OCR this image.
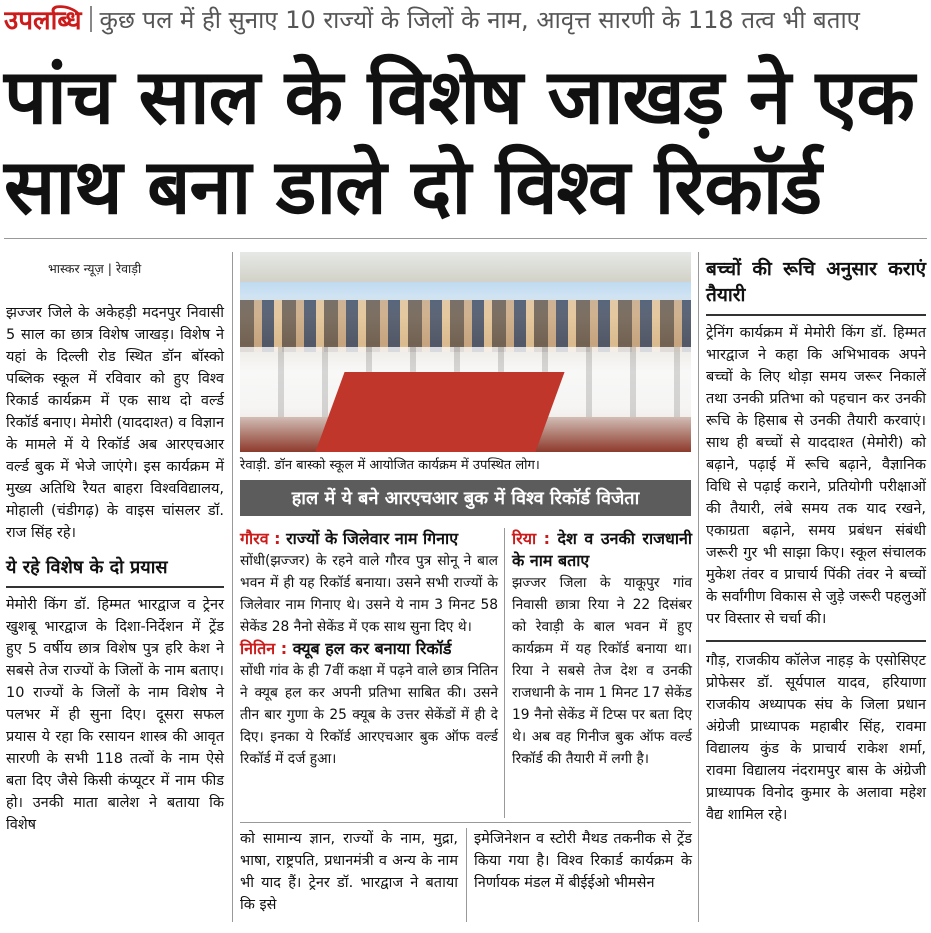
उपलब्धि कुछ पल में ही सुनाए 10 राज्यों के जिलों के नाम, आवृत्त सारणी के 118 तत्व भी बताए
पांच साल के विशेष जाखड़ ने एक
साथ बना डाले दो विश्व रिकॉर्ड
भास्कर न्यूज़ | रेवाड़ी

झज्जर जिले के अकेहड़ी मदनपुर निवासी 5 साल का छात्र विशेष जाखड़। विशेष ने यहां के दिल्ली रोड स्थित डॉन बॉस्को पब्लिक स्कूल में रविवार को हुए विश्व रिकार्ड कार्यक्रम में एक साथ दो वर्ल्ड रिकॉर्ड बनाए। मेमोरी (याददाश्त) व विज्ञान के मामले में ये रिकॉर्ड अब आरएचआर वर्ल्ड बुक में भेजे जाएंगे। इस कार्यक्रम में मुख्य अतिथि रैयत बाहरा विश्वविद्यालय, मोहाली (चंडीगढ़) के वाइस चांसलर डॉ. राज सिंह रहे।

ये रहे विशेष के दो प्रयास

मेमोरी किंग डॉ. हिम्मत भारद्वाज व ट्रेनर खुशबू भारद्वाज के दिशा-निर्देशन में ट्रेंड हुए 5 वर्षीय छात्र विशेष पुत्र हरि केश ने सबसे तेज राज्यों के जिलों के नाम बताए। 10 राज्यों के जिलों के नाम विशेष ने पलभर में ही सुना दिए। दूसरा सफल प्रयास ये रहा कि रसायन शास्त्र की आवृत सारणी के सभी 118 तत्वों के नाम ऐसे बता दिए जैसे किसी कंप्यूटर में नाम फीड हो। उनकी माता बालेश ने बताया कि विशेष

रेवाड़ी. डॉन बास्को स्कूल में आयोजित कार्यक्रम में उपस्थित लोग।
हाल में ये बने आरएचआर बुक में विश्व रिकॉर्ड विजेता
गौरव : राज्यों के जिलेवार नाम गिनाए

सोंधी(झज्जर) के रहने वाले गौरव पुत्र सोनू ने बाल भवन में ही यह रिकॉर्ड बनाया। उसने सभी राज्यों के जिलेवार नाम गिनाए थे। उसने ये नाम 3 मिनट 58 सेकेंड 28 नैनो सेकेंड में एक साथ सुना दिए थे।

नितिन : क्यूब हल कर बनाया रिकॉर्ड

सोंधी गांव के ही 7वीं कक्षा में पढ़ने वाले छात्र नितिन ने क्यूब हल कर अपनी प्रतिभा साबित की। उसने तीन बार गुणा के 25 क्यूब के उत्तर सेकेंडों में ही दे दिए। इनका ये रिकॉर्ड आरएचआर बुक ऑफ वर्ल्ड रिकॉर्ड में दर्ज हुआ।

रिया : देश व उनकी राजधानी के नाम बताए

झज्जर जिला के याकूपुर गांव निवासी छात्रा रिया ने 22 दिसंबर को रेवाड़ी के बाल भवन में हुए कार्यक्रम में यह रिकॉर्ड बनाया था। रिया ने सबसे तेज देश व उनकी राजधानी के नाम 1 मिनट 17 सेकेंड 19 नैनो सेकेंड में टिप्स पर बता दिए थे। अब वह गिनीज बुक ऑफ वर्ल्ड रिकॉर्ड की तैयारी में लगी है।

को सामान्य ज्ञान, राज्यों के नाम, मुद्रा, भाषा, राष्ट्रपति, प्रधानमंत्री व अन्य के नाम भी याद हैं। ट्रेनर डॉ. भारद्वाज ने बताया कि इसे

इमेजिनेशन व स्टोरी मैथड तकनीक से ट्रेंड किया गया है। विश्व रिकार्ड कार्यक्रम के निर्णायक मंडल में बीईईओ भीमसेन

बच्चों की रूचि अनुसार कराएं तैयारी

ट्रेनिंग कार्यक्रम में मेमोरी किंग डॉ. हिम्मत भारद्वाज ने कहा कि अभिभावक अपने बच्चों के लिए थोड़ा समय जरूर निकालें तथा उनकी प्रतिभा को पहचान कर उनकी रूचि के हिसाब से उनकी तैयारी करवाएं। साथ ही बच्चों से याददाश्त (मेमोरी) को बढ़ाने, पढ़ाई में रूचि बढ़ाने, वैज्ञानिक विधि से पढ़ाई कराने, प्रतियोगी परीक्षाओं की तैयारी, लंबे समय तक याद रखने, एकाग्रता बढ़ाने, समय प्रबंधन संबंधी जरूरी गुर भी साझा किए। स्कूल संचालक मुकेश तंवर व प्राचार्य पिंकी तंवर ने बच्चों के सर्वांगीण विकास से जुड़े जरूरी पहलुओं पर विस्तार से चर्चा की।

गौड़, राजकीय कॉलेज नाहड़ के एसोसिएट प्रोफेसर डॉ. सूर्यपाल यादव, हरियाणा राजकीय अध्यापक संघ के जिला प्रधान अंग्रेजी प्राध्यापक महाबीर सिंह, रावमा विद्यालय कुंड के प्राचार्य राकेश शर्मा, रावमा विद्यालय नंदरामपुर बास के अंग्रेजी प्राध्यापक विनोद कुमार के अलावा महेश वैद्य शामिल रहे।
